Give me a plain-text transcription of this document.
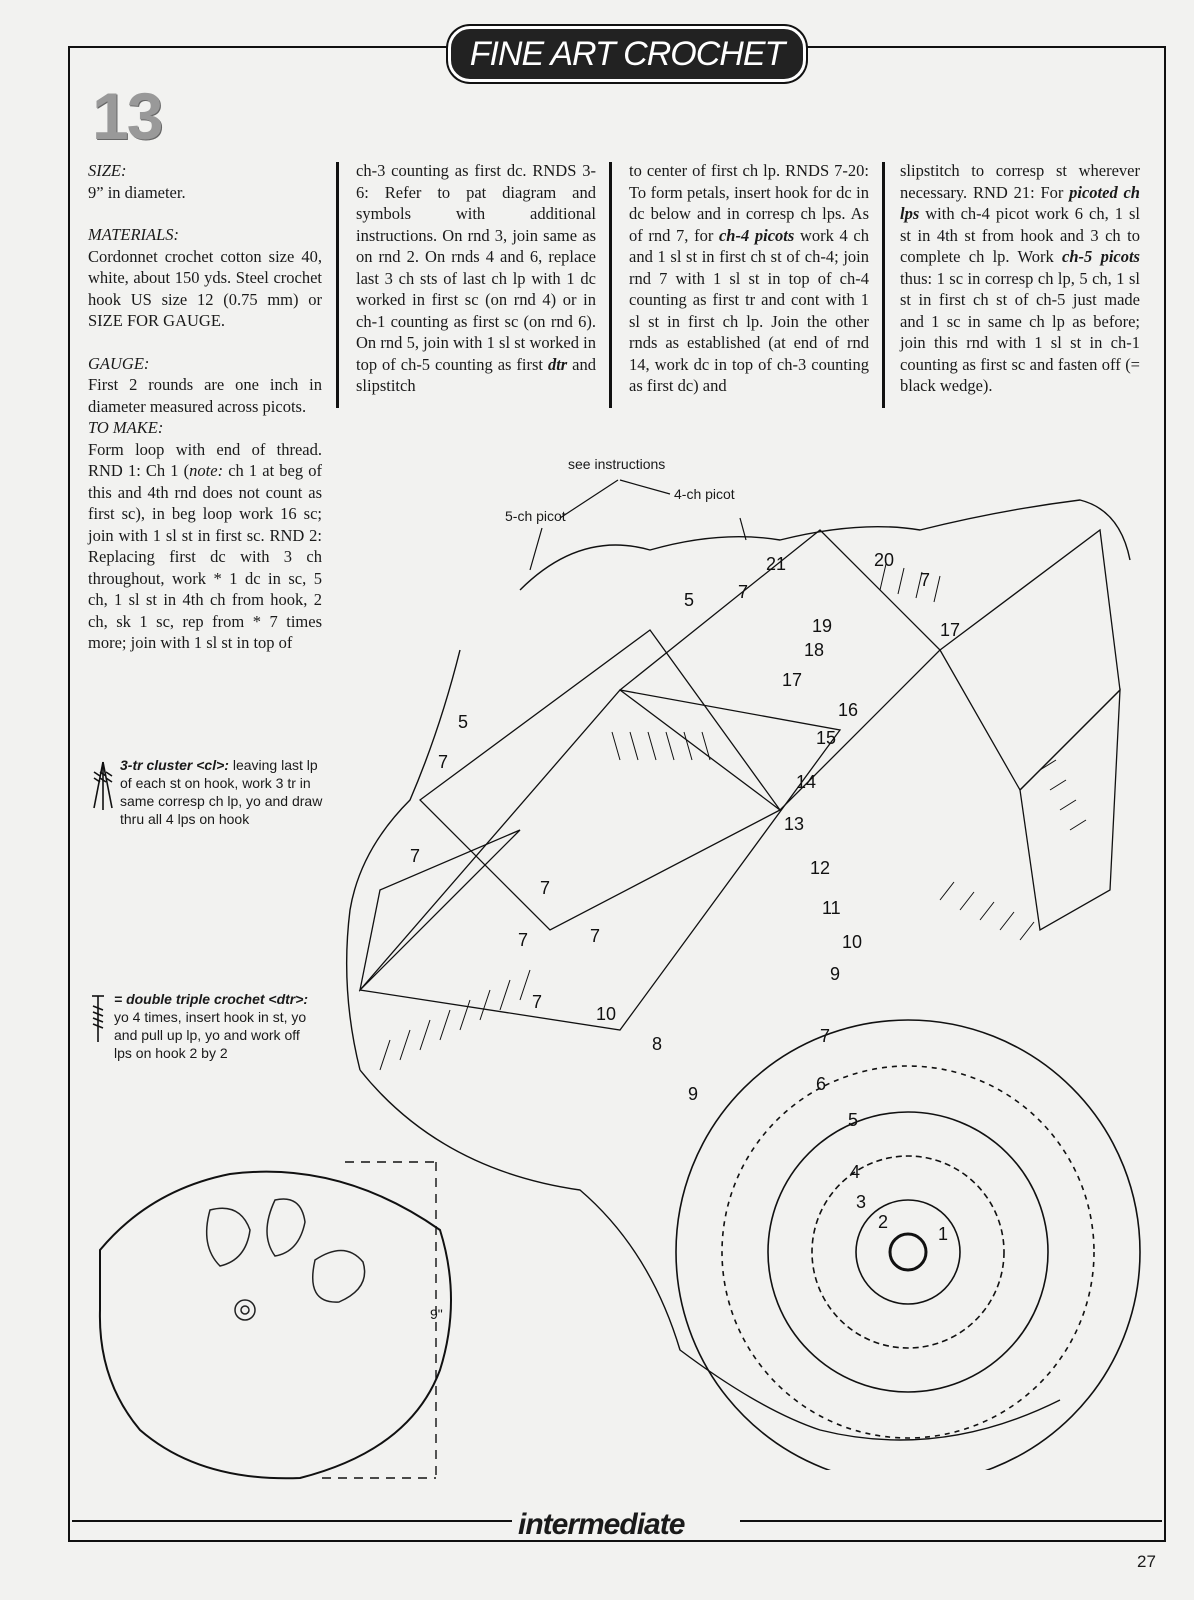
FINE ART CROCHET
13

SIZE:

9” in diameter.

MATERIALS:

Cordonnet crochet cotton size 40, white, about 150 yds. Steel crochet hook US size 12 (0.75 mm) or SIZE FOR GAUGE.

GAUGE:

First 2 rounds are one inch in diameter measured across picots.

TO MAKE:

Form loop with end of thread. RND 1: Ch 1 (note: ch 1 at beg of this and 4th rnd does not count as first sc), in beg loop work 16 sc; join with 1 sl st in first sc. RND 2: Replacing first dc with 3 ch throughout, work * 1 dc in sc, 5 ch, 1 sl st in 4th ch from hook, 2 ch, sk 1 sc, rep from * 7 times more; join with 1 sl st in top of

ch-3 counting as first dc. RNDS 3-6: Refer to pat diagram and symbols with additional instructions. On rnd 3, join same as on rnd 2. On rnds 4 and 6, replace last 3 ch sts of last ch lp with 1 dc worked in first sc (on rnd 4) or in ch-1 counting as first sc (on rnd 6). On rnd 5, join with 1 sl st worked in top of ch-5 counting as first dtr and slipstitch

to center of first ch lp. RNDS 7-20: To form petals, insert hook for dc in dc below and in corresp ch lps. As of rnd 7, for ch-4 picots work 4 ch and 1 sl st in first ch st of ch-4; join rnd 7 with 1 sl st in top of ch-4 counting as first tr and cont with 1 sl st in first ch lp. Join the other rnds as established (at end of rnd 14, work dc in top of ch-3 counting as first dc) and

slipstitch to corresp st wherever necessary. RND 21: For picoted ch lps with ch-4 picot work 6 ch, 1 sl st in 4th st from hook and 3 ch to complete ch lp. Work ch-5 picots thus: 1 sc in corresp ch lp, 5 ch, 1 sl st in first ch st of ch-5 just made and 1 sc in same ch lp as before; join this rnd with 1 sl st in ch-1 counting as first sc and fasten off (= black wedge).

3-tr cluster <cl>: leaving last lp of each st on hook, work 3 tr in same corresp ch lp, yo and draw thru all 4 lps on hook
= double triple crochet <dtr>: yo 4 times, insert hook in st, yo and pull up lp, yo and work off lps on hook 2 by 2
9"
see instructions
4-ch picot
5-ch picot
21	20
19
18
17
16
15
14
13
12
11
10
9
7
6
5
4
3
2
1
10
8
9
5
5
7
7
7
7
7
7	7
7
17
intermediate
27
